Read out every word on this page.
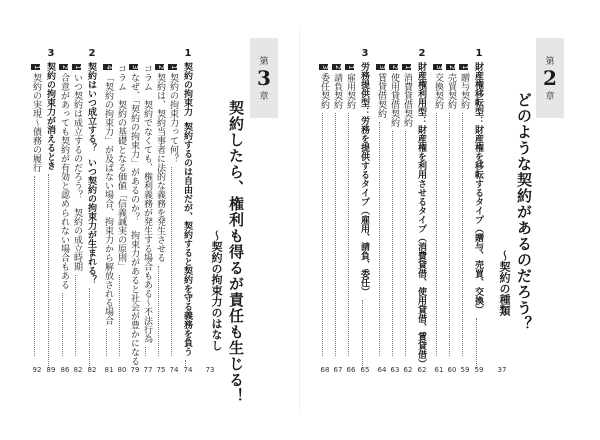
第
3
章
契約したら、権利も得るが責任も生じる！
〜契約の拘束力のはなし
73
1
契約の拘束力
契約するのは自由だが、契約すると契約を守る義務を負う
74
1
契約の拘束力って何？
74
2
契約は、契約当事者に法的な義務を発生させる
75
コラム　契約でなくても、権利義務が発生する場合もある〜不法行為
77
3
なぜ、「契約の拘束力」があるのか？　拘束力があると社会が豊かになる
79
コラム　契約の基礎となる価値「信義誠実の原則」
80
4
「契約の拘束力」が及ばない場合、拘束力から解放される場合
81
2
契約はいつ成立する？
いつ契約の拘束力が生まれる？
82
1
いつ契約は成立するのだろう？　契約の成立時期
82
2
合意があっても契約が有効と認められない場合もある
86
3
契約の拘束力が消えるとき
89
1
契約の実現〜債務の履行
92
第
2
章
どのような契約があるのだろう？
〜契約の種類
37
1
財産権移転型：財産権を移転するタイプ（贈与、売買、交換）
59
1
贈与契約
59
2
売買契約
60
3
交換契約
61
2
財産権利用型：財産権を利用させるタイプ（消費貸借、使用貸借、賃貸借）
62
1
消費貸借契約
62
2
使用貸借契約
63
3
賃貸借契約
64
3
労務提供型：労務を提供するタイプ（雇用、請負、委任）
65
1
雇用契約
66
2
請負契約
67
3
委任契約
68
